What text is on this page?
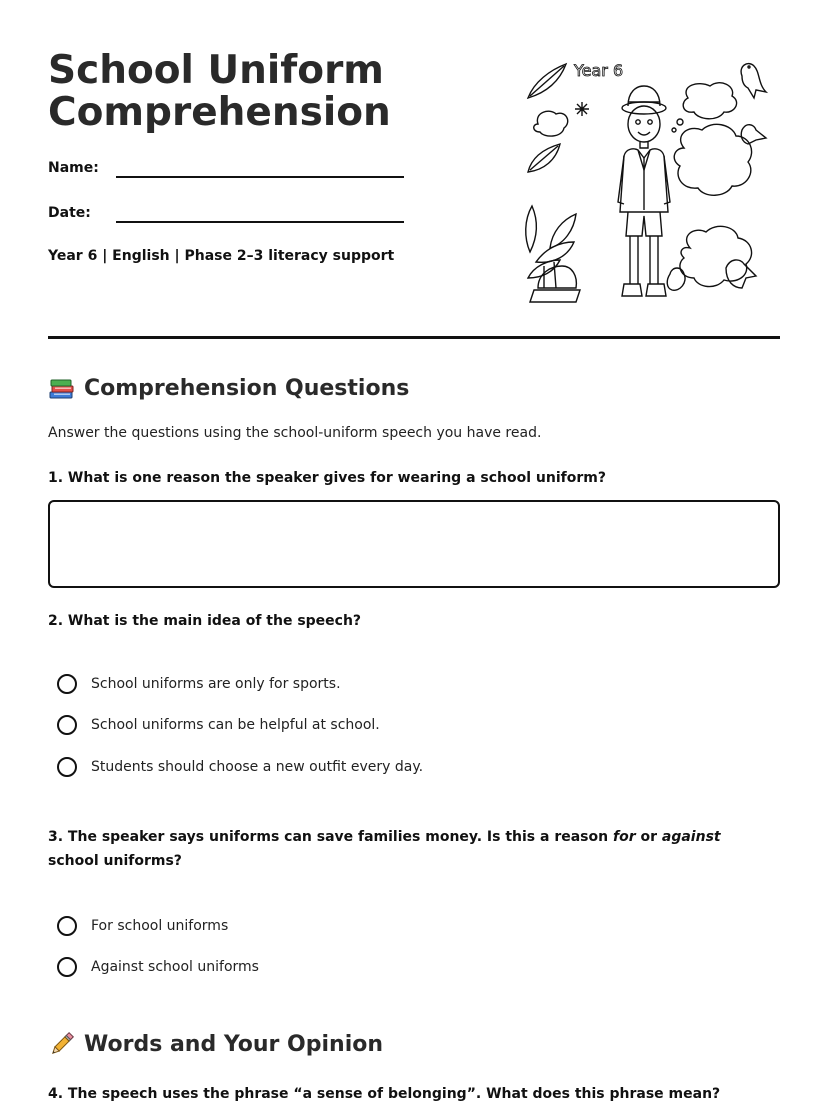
School Uniform
Comprehension
Name:
Date:
Year 6 | English | Phase 2–3 literacy support
Year 6
Comprehension Questions

Answer the questions using the school-uniform speech you have read.

1. What is one reason the speaker gives for wearing a school uniform?
2. What is the main idea of the speech?
School uniforms are only for sports.
School uniforms can be helpful at school.
Students should choose a new outfit every day.
3. The speaker says uniforms can save families money. Is this a reason for or against school uniforms?
For school uniforms
Against school uniforms
Words and Your Opinion
4. The speech uses the phrase “a sense of belonging”. What does this phrase mean?
